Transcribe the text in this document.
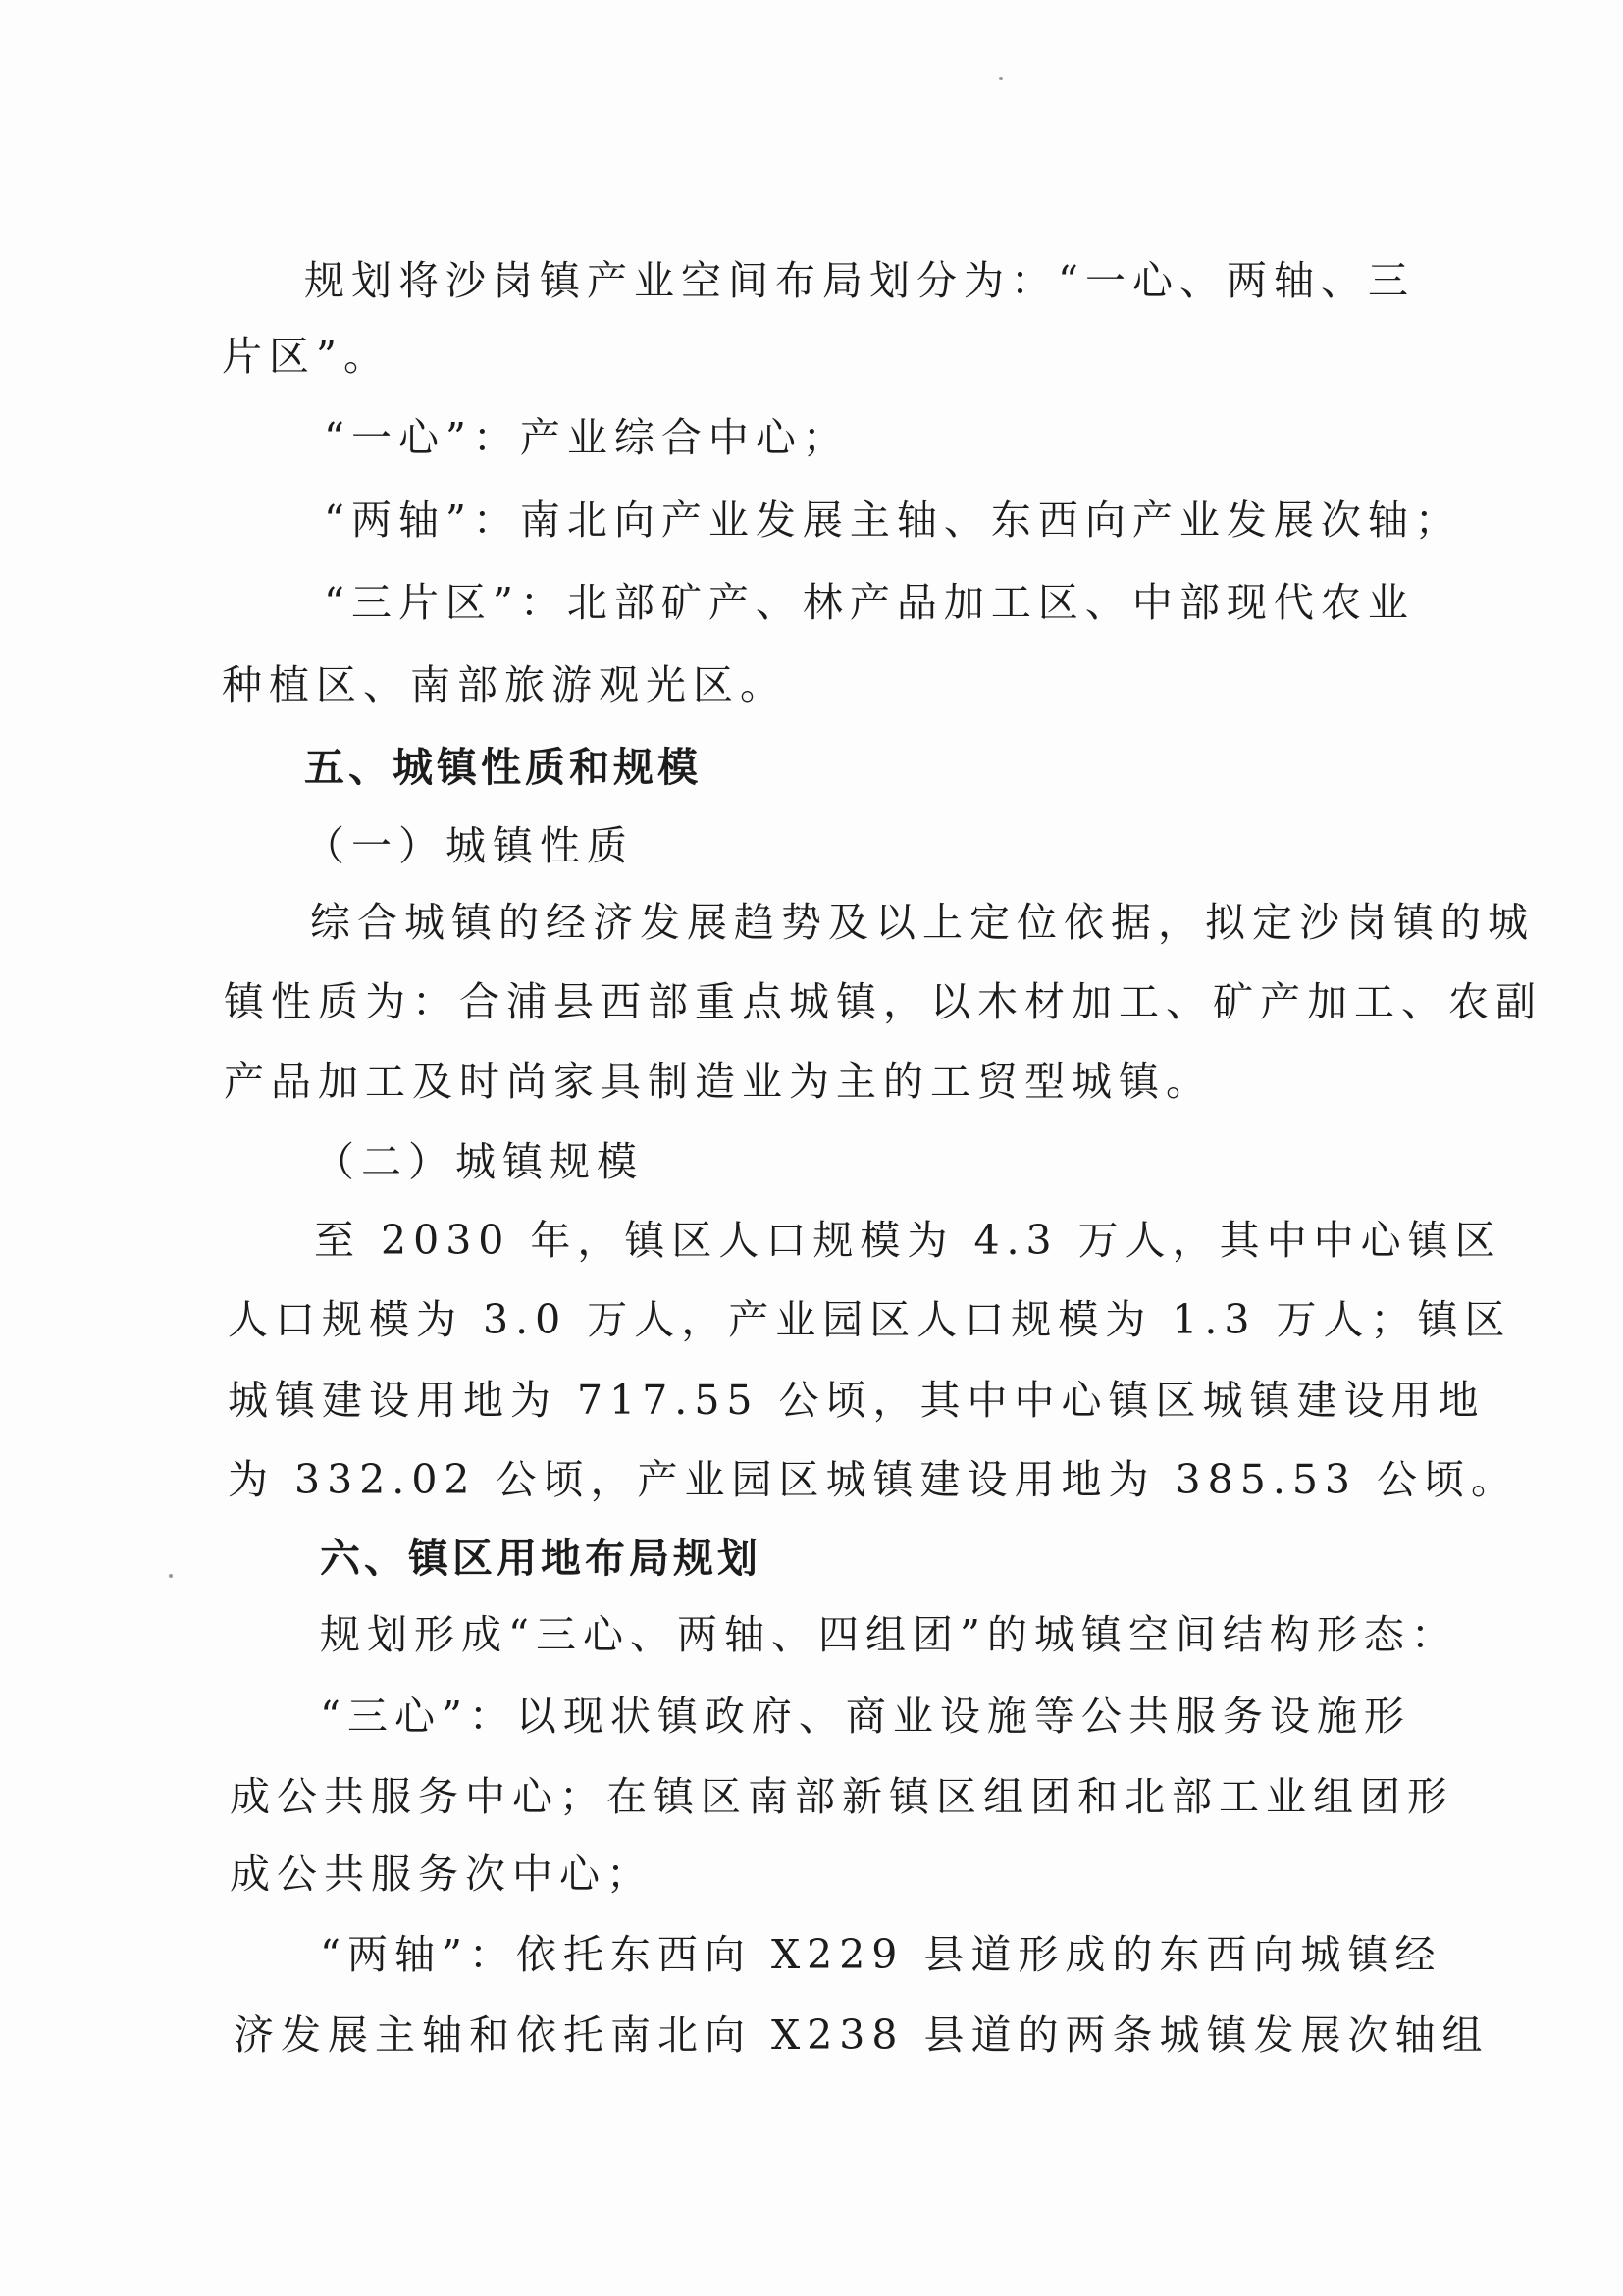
规划将沙岗镇产业空间布局划分为：“一心、两轴、三
片区”。
“一心”：产业综合中心；
“两轴”：南北向产业发展主轴、东西向产业发展次轴；
“三片区”：北部矿产、林产品加工区、中部现代农业
种植区、南部旅游观光区。
五、城镇性质和规模
（一）城镇性质
综合城镇的经济发展趋势及以上定位依据，拟定沙岗镇的城
镇性质为：合浦县西部重点城镇，以木材加工、矿产加工、农副
产品加工及时尚家具制造业为主的工贸型城镇。
（二）城镇规模
至 2030 年，镇区人口规模为 4.3 万人，其中中心镇区
人口规模为 3.0 万人，产业园区人口规模为 1.3 万人；镇区
城镇建设用地为 717.55 公顷，其中中心镇区城镇建设用地
为 332.02 公顷，产业园区城镇建设用地为 385.53 公顷。
六、镇区用地布局规划
规划形成“三心、两轴、四组团”的城镇空间结构形态：
“三心”：以现状镇政府、商业设施等公共服务设施形
成公共服务中心；在镇区南部新镇区组团和北部工业组团形
成公共服务次中心；
“两轴”：依托东西向 X229 县道形成的东西向城镇经
济发展主轴和依托南北向 X238 县道的两条城镇发展次轴组
